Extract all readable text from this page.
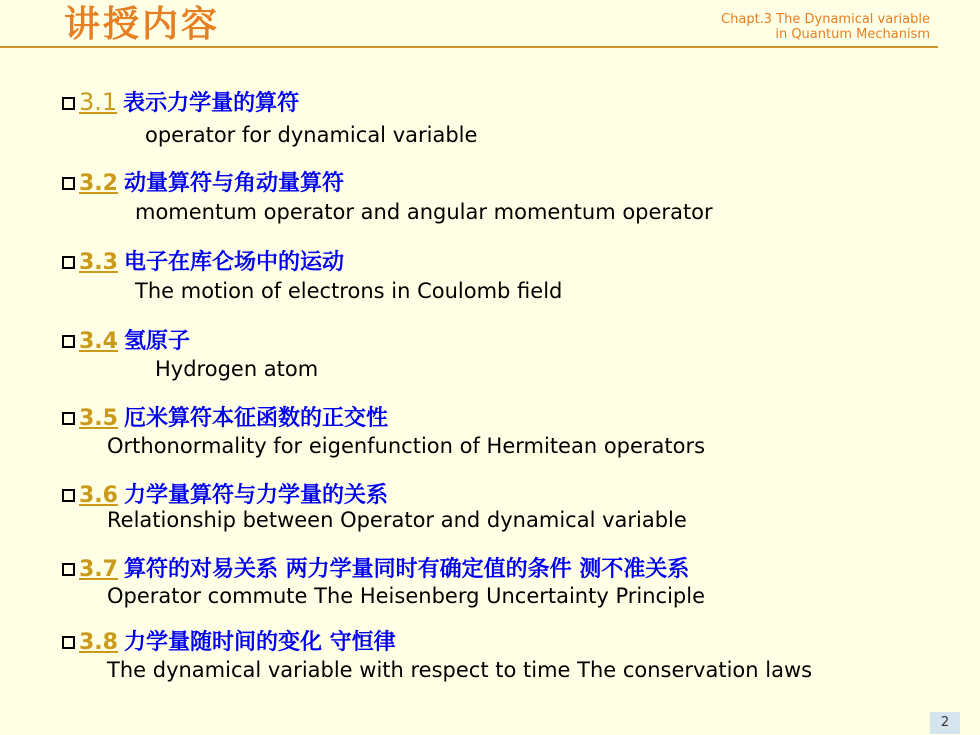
讲授内容	Chapt.3 The Dynamical variable
in Quantum Mechanism
3.1 表示力学量的算符
operator for dynamical variable
3.2 动量算符与角动量算符
momentum operator and angular momentum operator
3.3 电子在库仑场中的运动
The motion of electrons in Coulomb field
3.4 氢原子
Hydrogen atom
3.5 厄米算符本征函数的正交性
Orthonormality for eigenfunction of Hermitean operators
3.6 力学量算符与力学量的关系
Relationship between Operator and dynamical variable
3.7 算符的对易关系 两力学量同时有确定值的条件 测不准关系
Operator commute The Heisenberg Uncertainty Principle
3.8 力学量随时间的变化 守恒律
The dynamical variable with respect to time The conservation laws
2
